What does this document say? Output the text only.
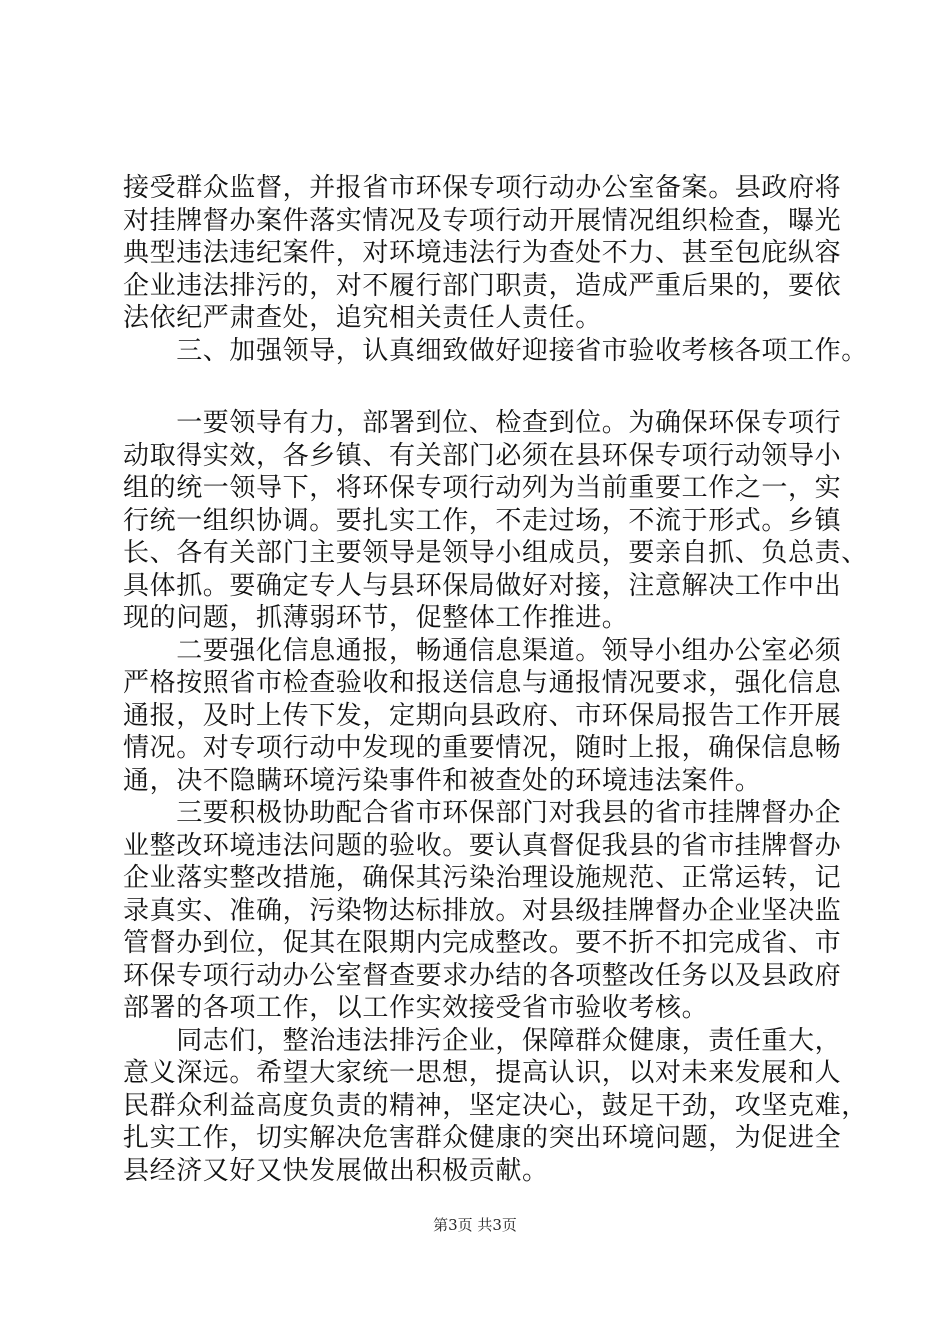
接受群众监督，并报省市环保专项行动办公室备案。县政府将
对挂牌督办案件落实情况及专项行动开展情况组织检查，曝光
典型违法违纪案件，对环境违法行为查处不力、甚至包庇纵容
企业违法排污的，对不履行部门职责，造成严重后果的，要依
法依纪严肃查处，追究相关责任人责任。
　　三、加强领导，认真细致做好迎接省市验收考核各项工作。
　　一要领导有力，部署到位、检查到位。为确保环保专项行
动取得实效，各乡镇、有关部门必须在县环保专项行动领导小
组的统一领导下，将环保专项行动列为当前重要工作之一，实
行统一组织协调。要扎实工作，不走过场，不流于形式。乡镇
长、各有关部门主要领导是领导小组成员，要亲自抓、负总责、
具体抓。要确定专人与县环保局做好对接，注意解决工作中出
现的问题，抓薄弱环节，促整体工作推进。
　　二要强化信息通报，畅通信息渠道。领导小组办公室必须
严格按照省市检查验收和报送信息与通报情况要求，强化信息
通报，及时上传下发，定期向县政府、市环保局报告工作开展
情况。对专项行动中发现的重要情况，随时上报，确保信息畅
通，决不隐瞒环境污染事件和被查处的环境违法案件。
　　三要积极协助配合省市环保部门对我县的省市挂牌督办企
业整改环境违法问题的验收。要认真督促我县的省市挂牌督办
企业落实整改措施，确保其污染治理设施规范、正常运转，记
录真实、准确，污染物达标排放。对县级挂牌督办企业坚决监
管督办到位，促其在限期内完成整改。要不折不扣完成省、市
环保专项行动办公室督查要求办结的各项整改任务以及县政府
部署的各项工作，以工作实效接受省市验收考核。
　　同志们，整治违法排污企业，保障群众健康，责任重大，
意义深远。希望大家统一思想，提高认识，以对未来发展和人
民群众利益高度负责的精神，坚定决心，鼓足干劲，攻坚克难，
扎实工作，切实解决危害群众健康的突出环境问题，为促进全
县经济又好又快发展做出积极贡献。
第3页 共3页
